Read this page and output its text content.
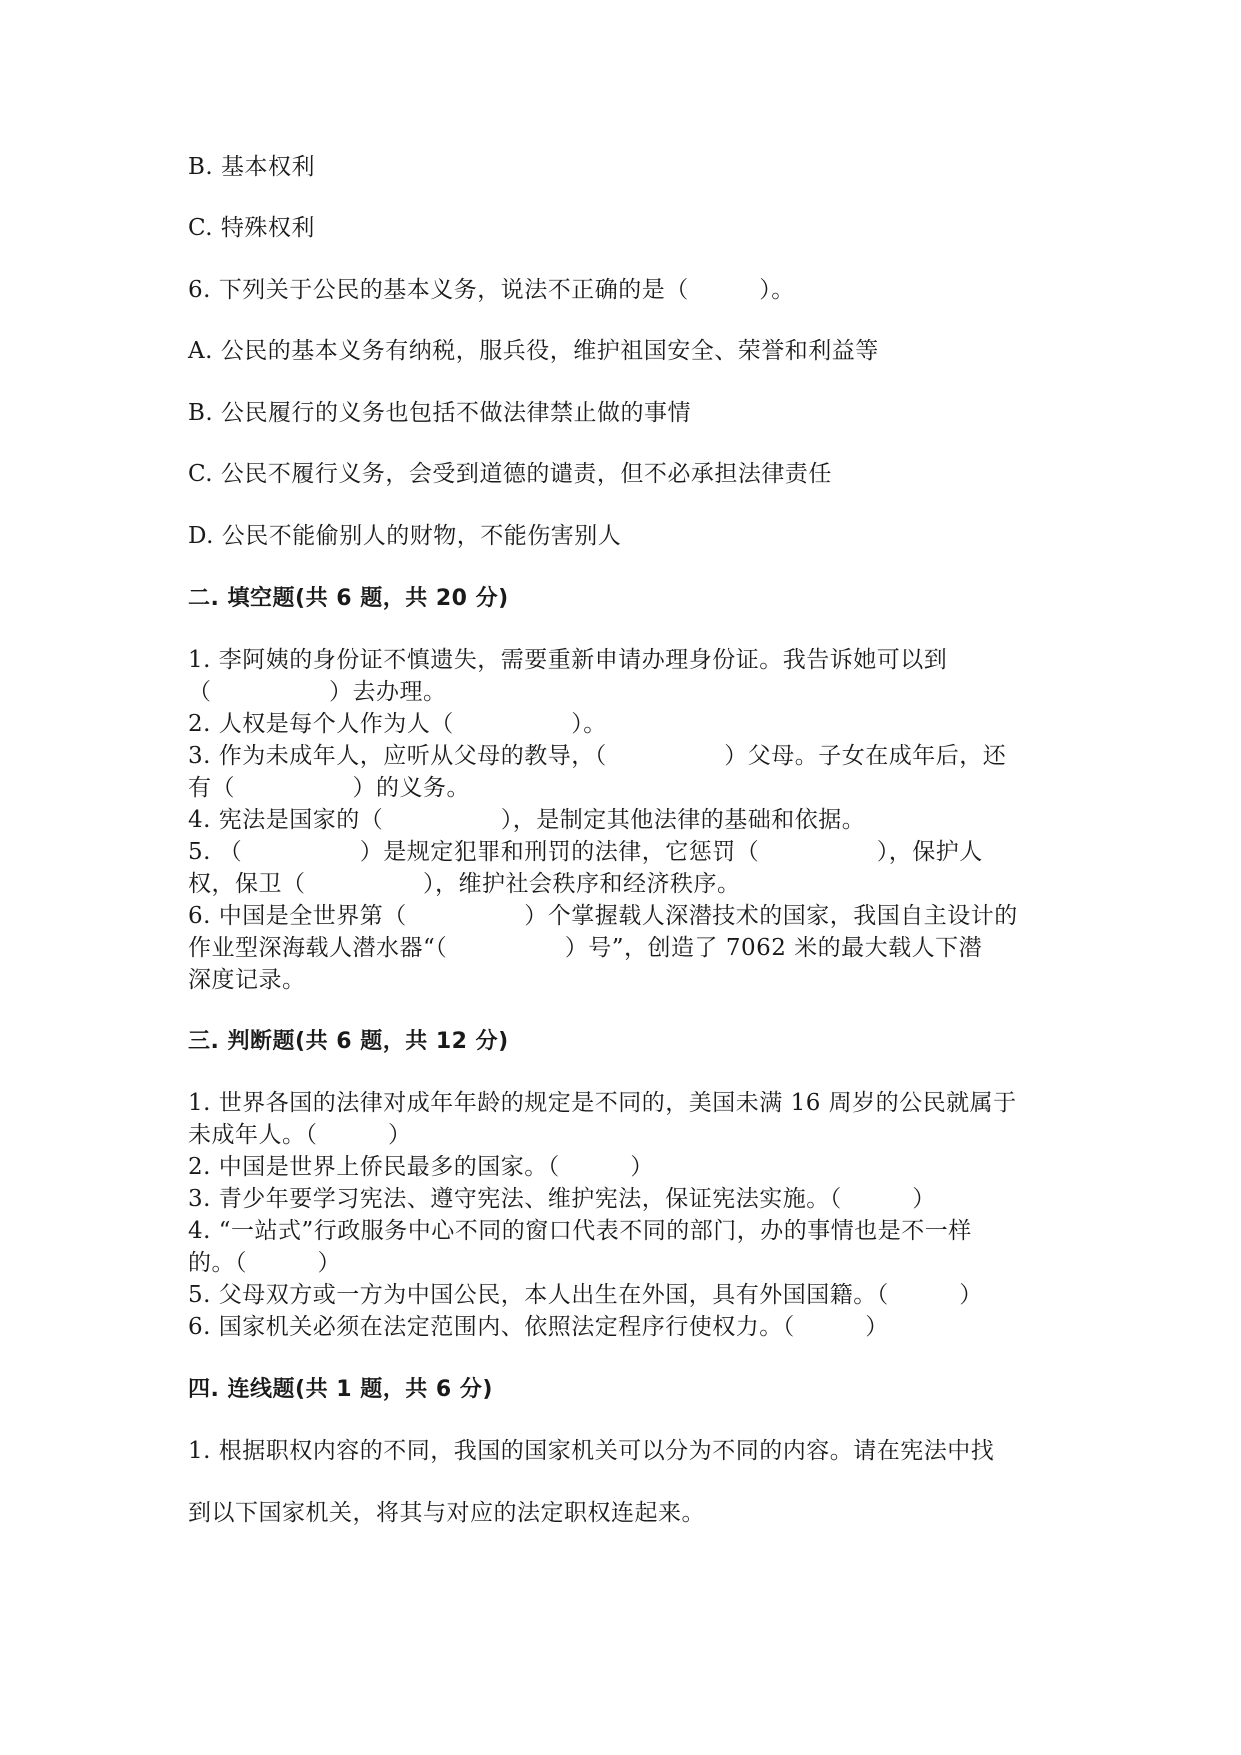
B. 基本权利
C. 特殊权利
6. 下列关于公民的基本义务，说法不正确的是（　　　）。
A. 公民的基本义务有纳税，服兵役，维护祖国安全、荣誉和利益等
B. 公民履行的义务也包括不做法律禁止做的事情
C. 公民不履行义务，会受到道德的谴责，但不必承担法律责任
D. 公民不能偷别人的财物，不能伤害别人
二. 填空题(共 6 题，共 20 分)
1. 李阿姨的身份证不慎遗失，需要重新申请办理身份证。我告诉她可以到
（　　　　　）去办理。
2. 人权是每个人作为人（　　　　　）。
3. 作为未成年人，应听从父母的教导，（　　　　　）父母。子女在成年后，还
有（　　　　　）的义务。
4. 宪法是国家的（　　　　　），是制定其他法律的基础和依据。
5. （　　　　　）是规定犯罪和刑罚的法律，它惩罚（　　　　　），保护人
权，保卫（　　　　　），维护社会秩序和经济秩序。
6. 中国是全世界第（　　　　　）个掌握载人深潜技术的国家，我国自主设计的
作业型深海载人潜水器“（　　　　　）号”，创造了 7062 米的最大载人下潜
深度记录。
三. 判断题(共 6 题，共 12 分)
1. 世界各国的法律对成年年龄的规定是不同的，美国未满 16 周岁的公民就属于
未成年人。（　　　）
2. 中国是世界上侨民最多的国家。（　　　）
3. 青少年要学习宪法、遵守宪法、维护宪法，保证宪法实施。（　　　）
4. “一站式”行政服务中心不同的窗口代表不同的部门，办的事情也是不一样
的。（　　　）
5. 父母双方或一方为中国公民，本人出生在外国，具有外国国籍。（　　　）
6. 国家机关必须在法定范围内、依照法定程序行使权力。（　　　）
四. 连线题(共 1 题，共 6 分)
1. 根据职权内容的不同，我国的国家机关可以分为不同的内容。请在宪法中找
到以下国家机关，将其与对应的法定职权连起来。
